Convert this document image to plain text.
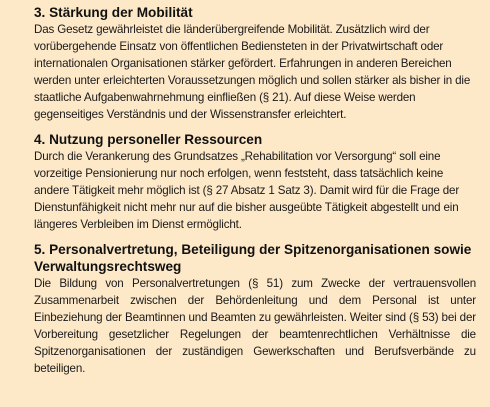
3. Stärkung der Mobilität

Das Gesetz gewährleistet die länderübergreifende Mobilität. Zusätzlich wird der vorübergehende Einsatz von öffentlichen Bediensteten in der Privatwirtschaft oder internationalen Organisationen stärker gefördert. Erfahrungen in anderen Bereichen werden unter erleichterten Voraussetzungen möglich und sollen stärker als bisher in die staatliche Aufgabenwahrnehmung einfließen (§ 21). Auf diese Weise werden gegenseitiges Verständnis und der Wissenstransfer erleichtert.

4. Nutzung personeller Ressourcen

Durch die Verankerung des Grundsatzes „Rehabilitation vor Versorgung“ soll eine vorzeitige Pensionierung nur noch erfolgen, wenn feststeht, dass tatsächlich keine andere Tätigkeit mehr möglich ist (§ 27 Absatz 1 Satz 3). Damit wird für die Frage der Dienstunfähigkeit nicht mehr nur auf die bisher ausgeübte Tätigkeit abgestellt und ein längeres Verbleiben im Dienst ermöglicht.

5. Personalvertretung, Beteiligung der Spitzenorganisationen sowie Verwaltungsrechtsweg

Die Bildung von Personalvertretungen (§ 51) zum Zwecke der vertrauensvollen Zusammenarbeit zwischen der Behördenleitung und dem Personal ist unter Einbeziehung der Beamtinnen und Beamten zu gewährleisten. Weiter sind (§ 53) bei der Vorbereitung gesetzlicher Regelungen der beamtenrechtlichen Verhältnisse die Spitzenorganisationen der zuständigen Gewerkschaften und Berufsverbände zu beteiligen.
